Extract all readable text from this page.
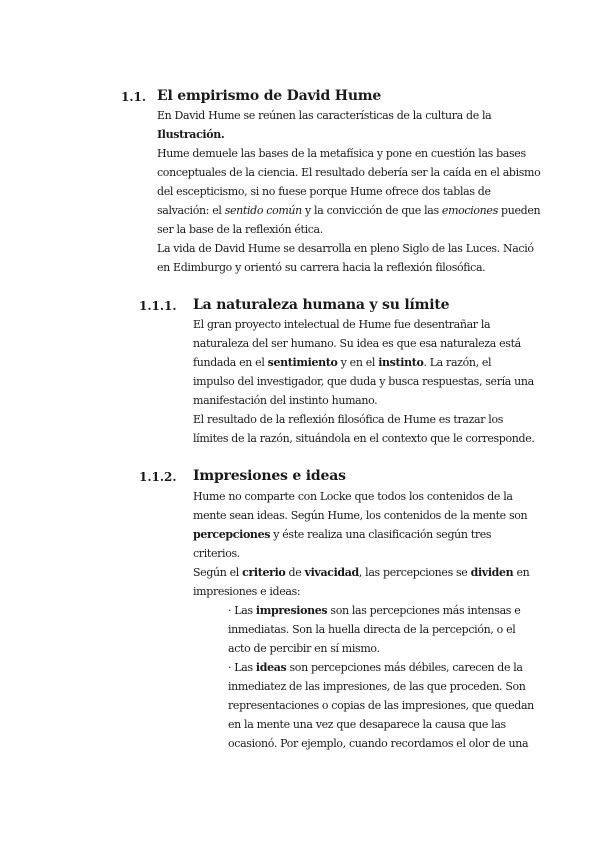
1.1. El empirismo de David Hume
En David Hume se reúnen las características de la cultura de la
Ilustración.
Hume demuele las bases de la metafísica y pone en cuestión las bases
conceptuales de la ciencia. El resultado debería ser la caída en el abismo
del escepticismo, si no fuese porque Hume ofrece dos tablas de
salvación: el sentido común y la convicción de que las emociones pueden
ser la base de la reflexión ética.
La vida de David Hume se desarrolla en pleno Siglo de las Luces. Nació
en Edimburgo y orientó su carrera hacia la reflexión filosófica.
1.1.1. La naturaleza humana y su límite
El gran proyecto intelectual de Hume fue desentrañar la
naturaleza del ser humano. Su idea es que esa naturaleza está
fundada en el sentimiento y en el instinto. La razón, el
impulso del investigador, que duda y busca respuestas, sería una
manifestación del instinto humano.
El resultado de la reflexión filosófica de Hume es trazar los
límites de la razón, situándola en el contexto que le corresponde.
1.1.2. Impresiones e ideas
Hume no comparte con Locke que todos los contenidos de la
mente sean ideas. Según Hume, los contenidos de la mente son
percepciones y éste realiza una clasificación según tres
criterios.
Según el criterio de vivacidad, las percepciones se dividen en
impresiones e ideas:
· Las impresiones son las percepciones más intensas e
inmediatas. Son la huella directa de la percepción, o el
acto de percibir en sí mismo.
· Las ideas son percepciones más débiles, carecen de la
inmediatez de las impresiones, de las que proceden. Son
representaciones o copias de las impresiones, que quedan
en la mente una vez que desaparece la causa que las
ocasionó. Por ejemplo, cuando recordamos el olor de una
